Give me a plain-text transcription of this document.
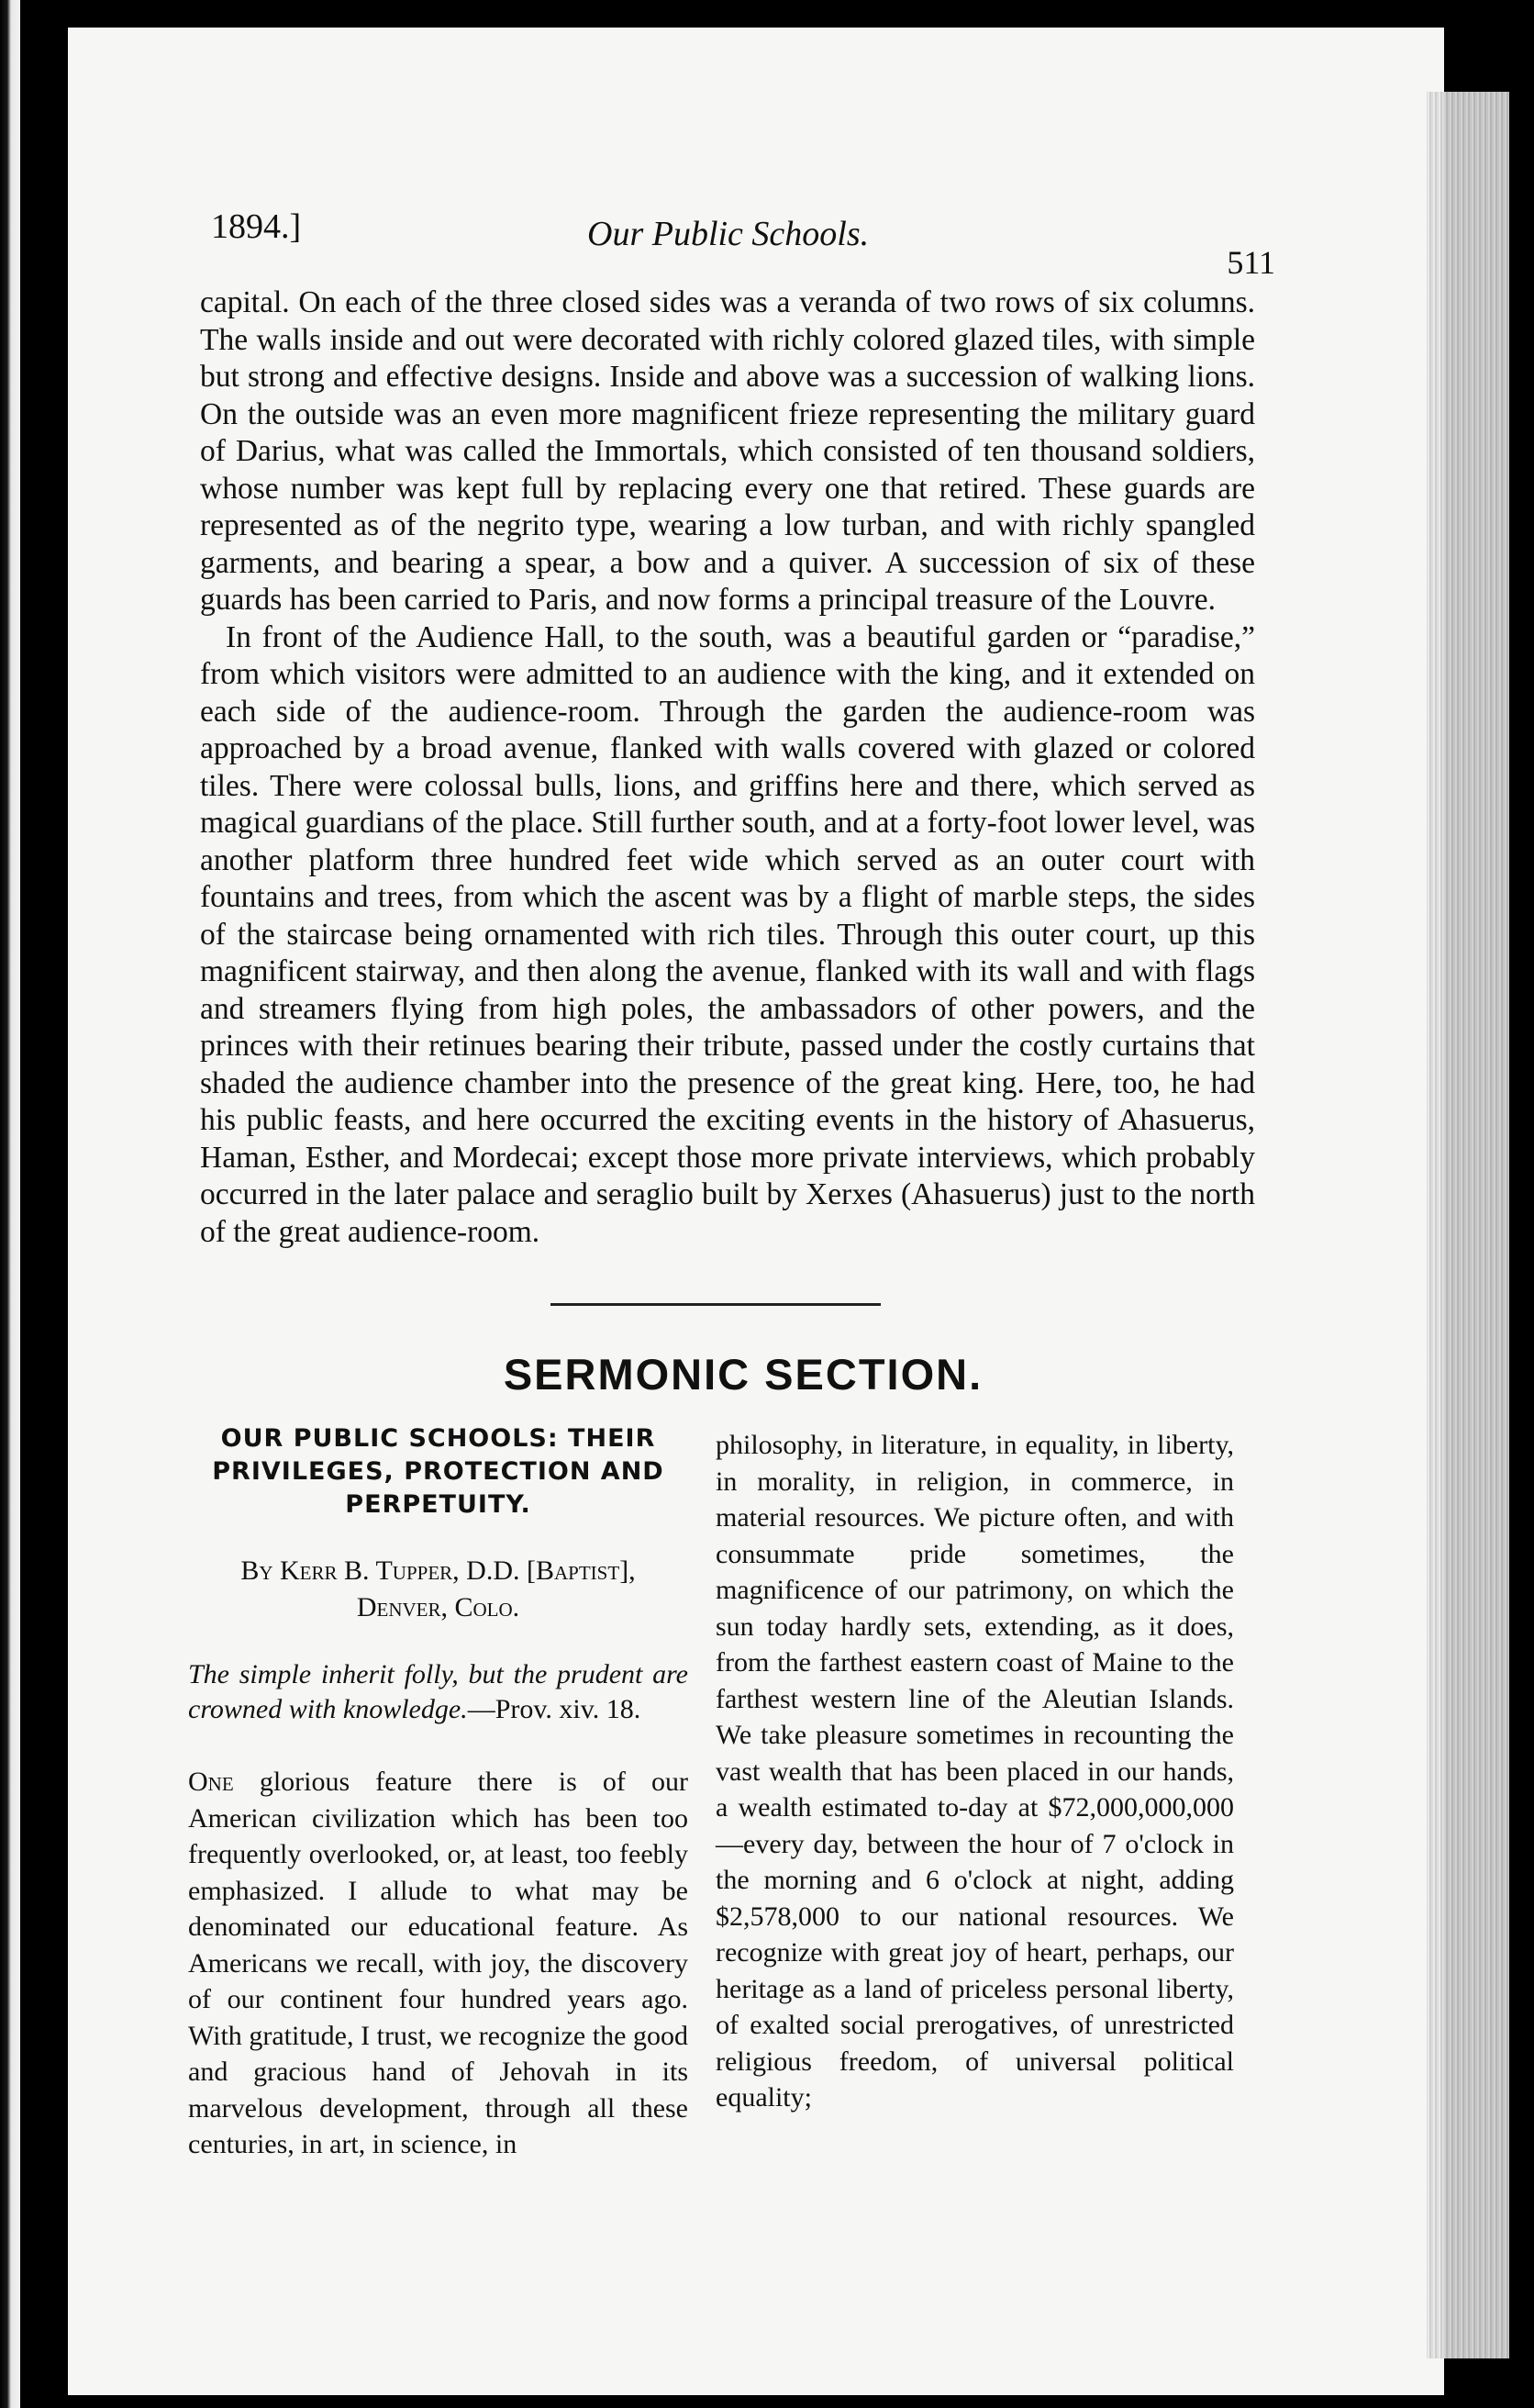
1894.]	Our Public Schools.
511

capital. On each of the three closed sides was a veranda of two rows of six columns. The walls inside and out were decorated with richly colored glazed tiles, with simple but strong and effective designs. Inside and above was a succession of walking lions. On the outside was an even more magnificent frieze representing the military guard of Darius, what was called the Immortals, which consisted of ten thousand soldiers, whose number was kept full by replacing every one that retired. These guards are represented as of the negrito type, wearing a low turban, and with richly spangled garments, and bearing a spear, a bow and a quiver. A succession of six of these guards has been carried to Paris, and now forms a principal treasure of the Louvre.

In front of the Audience Hall, to the south, was a beautiful garden or “paradise,” from which visitors were admitted to an audience with the king, and it extended on each side of the audience-room. Through the garden the audience-room was approached by a broad avenue, flanked with walls covered with glazed or colored tiles. There were colossal bulls, lions, and griffins here and there, which served as magical guardians of the place. Still further south, and at a forty-foot lower level, was another platform three hundred feet wide which served as an outer court with fountains and trees, from which the ascent was by a flight of marble steps, the sides of the staircase being ornamented with rich tiles. Through this outer court, up this magnificent stairway, and then along the avenue, flanked with its wall and with flags and streamers flying from high poles, the ambassadors of other powers, and the princes with their retinues bearing their tribute, passed under the costly curtains that shaded the audience chamber into the presence of the great king. Here, too, he had his public feasts, and here occurred the exciting events in the history of Ahasuerus, Haman, Esther, and Mordecai; except those more private interviews, which probably occurred in the later palace and seraglio built by Xerxes (Ahasuerus) just to the north of the great audience-room.

SERMONIC SECTION.

OUR PUBLIC SCHOOLS: THEIR PRIVILEGES, PROTECTION AND PERPETUITY.

By Kerr B. Tupper, D.D. [Baptist],
Denver, Colo.

The simple inherit folly, but the prudent are crowned with knowledge.—Prov. xiv. 18.

One glorious feature there is of our American civilization which has been too frequently overlooked, or, at least, too feebly emphasized. I allude to what may be denominated our educational feature. As Americans we recall, with joy, the discovery of our continent four hundred years ago. With gratitude, I trust, we recognize the good and gracious hand of Jehovah in its marvelous development, through all these centuries, in art, in science, in

philosophy, in literature, in equality, in liberty, in morality, in religion, in commerce, in material resources. We picture often, and with consummate pride sometimes, the magnificence of our patrimony, on which the sun today hardly sets, extending, as it does, from the farthest eastern coast of Maine to the farthest western line of the Aleutian Islands. We take pleasure sometimes in recounting the vast wealth that has been placed in our hands, a wealth estimated to-day at $72,000,000,000—every day, between the hour of 7 o'clock in the morning and 6 o'clock at night, adding $2,578,000 to our national resources. We recognize with great joy of heart, perhaps, our heritage as a land of priceless personal liberty, of exalted social prerogatives, of unrestricted religious freedom, of universal political equality;
